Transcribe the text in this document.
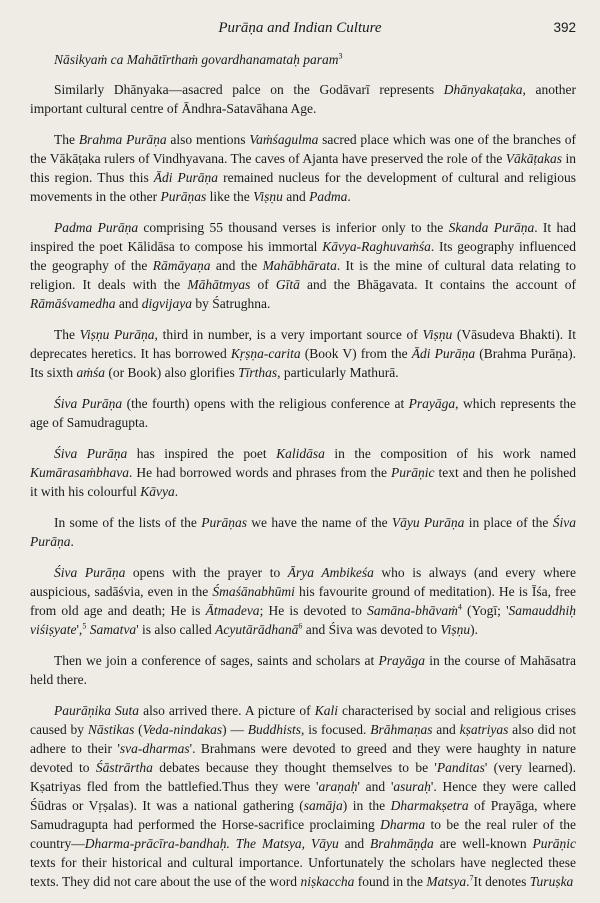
Purāṇa and Indian Culture	392

Nāsikyaṁ ca Mahātīrthaṁ govardhanamataḥ param$^3$

Similarly Dhānyaka—asacred palce on the Godāvarī represents Dhānyakaṭaka, another important cultural centre of Āndhra-Satavāhana Age.

The Brahma Purāṇa also mentions Vaṁśagulma sacred place which was one of the branches of the Vākāṭaka rulers of Vindhyavana. The caves of Ajanta have preserved the role of the Vākāṭakas in this region. Thus this Ādi Purāṇa remained nucleus for the development of cultural and religious movements in the other Purāṇas like the Viṣṇu and Padma.

Padma Purāṇa comprising 55 thousand verses is inferior only to the Skanda Purāṇa. It had inspired the poet Kālidāsa to compose his immortal Kāvya-Raghuvaṁśa. Its geography influenced the geography of the Rāmāyaṇa and the Mahābhārata. It is the mine of cultural data relating to religion. It deals with the Māhātmyas of Gītā and the Bhāgavata. It contains the account of Rāmāśvamedha and digvijaya by Śatrughna.

The Viṣṇu Purāṇa, third in number, is a very important source of Viṣṇu (Vāsudeva Bhakti). It deprecates heretics. It has borrowed Kṛṣṇa-carita (Book V) from the Ādi Purāṇa (Brahma Purāṇa). Its sixth aṁśa (or Book) also glorifies Tīrthas, particularly Mathurā.

Śiva Purāṇa (the fourth) opens with the religious conference at Prayāga, which represents the age of Samudragupta.

Śiva Purāṇa has inspired the poet Kalidāsa in the composition of his work named Kumārasaṁbhava. He had borrowed words and phrases from the Purāṇic text and then he polished it with his colourful Kāvya.

In some of the lists of the Purāṇas we have the name of the Vāyu Purāṇa in place of the Śiva Purāṇa.

Śiva Purāṇa opens with the prayer to Ārya Ambikeśa who is always (and every where auspicious, sadāśvia, even in the Śmaśānabhūmi his favourite ground of meditation). He is Īśa, free from old age and death; He is Ātmadeva; He is devoted to Samāna-bhāvaṁ$^4$ (Yogī; 'Samauddhiḥ viśiṣyate',$^5$ Samatva' is also called Acyutārādhanā$^6$ and Śiva was devoted to Viṣṇu).

Then we join a conference of sages, saints and scholars at Prayāga in the course of Mahāsatra held there.

Paurāṇika Suta also arrived there. A picture of Kali characterised by social and religious crises caused by Nāstikas (Veda-nindakas) — Buddhists, is focused. Brāhmaṇas and kṣatriyas also did not adhere to their 'sva-dharmas'. Brahmans were devoted to greed and they were haughty in nature devoted to Śāstrārtha debates because they thought themselves to be 'Panditas' (very learned). Kṣatriyas fled from the battlefied.Thus they were 'araṇaḥ' and 'asuraḥ'. Hence they were called Śūdras or Vṛṣalas). It was a national gathering (samāja) in the Dharmakṣetra of Prayāga, where Samudragupta had performed the Horse-sacrifice proclaiming Dharma to be the real ruler of the country—Dharma-prācīra-bandhaḥ. The Matsya, Vāyu and Brahmāṇḍa are well-known Purāṇic texts for their historical and cultural importance. Unfortunately the scholars have neglected these texts. They did not care about the use of the word niṣkaccha found in the Matsya.$^7$It denotes Turuṣka
